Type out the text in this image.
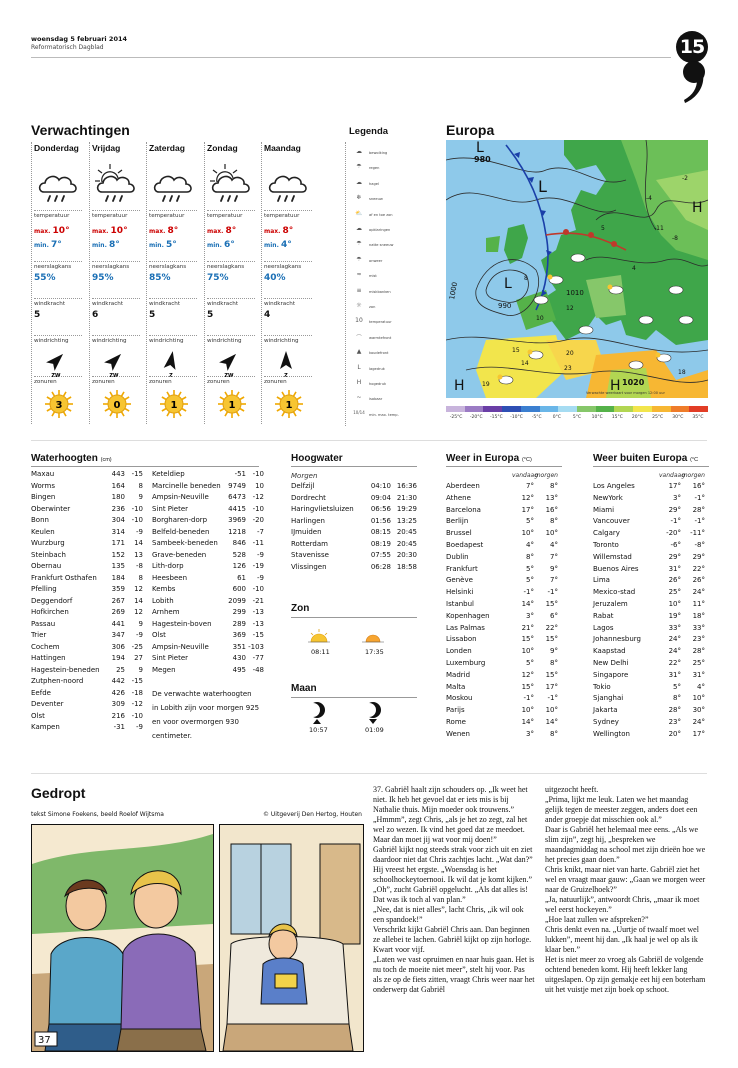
woensdag 5 februari 2014
Reformatorisch Dagblad	15
Verwachtingen
Donderdag
temperatuur
max. 10°
min. 7°
neerslagkans
55%
windkracht
5
windrichting
ZW
zonuren
3
Vrijdag
temperatuur
max. 10°
min. 8°
neerslagkans
95%
windkracht
6
windrichting
ZW
zonuren
0
Zaterdag
temperatuur
max. 8°
min. 5°
neerslagkans
85%
windkracht
5
windrichting
Z
zonuren
1
Zondag
temperatuur
max. 8°
min. 6°
neerslagkans
75%
windkracht
5
windrichting
ZW
zonuren
1
Maandag
temperatuur
max. 8°
min. 4°
neerslagkans
40%
windkracht
4
windrichting
Z
zonuren
1
Legenda
☁	bewolking
☂	regen
☁	hagel
❄	sneeuw
⛅	af en toe zon
☁	opklaringen
☂	natte sneeuw
☂	onweer
≈	mist
≡	miskbanken
☼	zon
10	temperatuur
⌒	warmtefront
▲	koudefront
L	lagedruk
H	hogedruk
~	isobaar
10/14	min. max. temp.
Europa
980
1000
990
1010
1020
L
L
L
H
H	H
-2
-4
-8
5
10
14
12
8
20
23
19
18
15
-11
4
Verwachte weerkaart voor morgen 12:00 uur
-25°C	-20°C	-15°C	-10°C	-5°C	0°C	5°C	10°C	15°C	20°C	25°C	30°C	35°C
Waterhoogten (cm)
Maxau	443 -15
Worms	164	8
Bingen	180	9
Oberwinter	236 -10
Bonn	304 -10
Keulen	314	-9
Wurzburg	171	14
Steinbach	152	13
Obernau	135	-8
Frankfurt Osthafen	184	8
Pfelling	359	12
Deggendorf	267	14
Hofkirchen	269	12
Passau	441	9
Trier	347	-9
Cochem	306 -25
Hattingen	194	27
Hagestein-beneden	25	9
Zutphen-noord	442 -15
Eefde	426 -18
Deventer	309 -12
Olst	216 -10
Kampen	-31	-9
Keteldiep	-51 -10
Marcinelle beneden	9749	10
Ampsin-Neuville	6473 -12
Sint Pieter	4415 -10
Borgharen-dorp	3969 -20
Belfeld-beneden	1218	-7
Sambeek-beneden	846 -11
Grave-beneden	528	-9
Lith-dorp	126 -19
Heesbeen	61	-9
Kembs	600 -10
Lobith	2099 -21
Arnhem	299 -13
Hagestein-boven	289 -13
Olst	369 -15
Ampsin-Neuville	351 -103
Sint Pieter	430 -77
Megen	495 -48
De verwachte waterhoogten in Lobith zijn voor morgen 925 en voor overmorgen 930 centimeter.
Hoogwater
Morgen
Delfzijl	04:10 16:36
Dordrecht	09:04 21:30
Haringvlietsluizen	06:56 19:29
Harlingen	01:56 13:25
IJmuiden	08:15 20:45
Rotterdam	08:19 20:45
Stavenisse	07:55 20:30
Vlissingen	06:28 18:58
Zon
08:11	17:35
Maan
10:57	01:09
Weer in Europa (°C)
vandaag
morgen
Aberdeen	7°	8°
Athene	12°	13°
Barcelona	17°	16°
Berlijn	5°	8°
Brussel	10°	10°
Boedapest	4°	4°
Dublin	8°	7°
Frankfurt	5°	9°
Genève	5°	7°
Helsinki	-1°	-1°
Istanbul	14°	15°
Kopenhagen	3°	6°
Las Palmas	21°	22°
Lissabon	15°	15°
Londen	10°	9°
Luxemburg	5°	8°
Madrid	12°	15°
Malta	15°	17°
Moskou	-1°	-1°
Parijs	10°	10°
Rome	14°	14°
Wenen	3°	8°
Weer buiten Europa (°C
vandaag
morgen
Los Angeles	17°	16°
NewYork	3°	-1°
Miami	29°	28°
Vancouver	-1°	-1°
Calgary	-20°	-11°
Toronto	-6°	-8°
Willemstad	29°	29°
Buenos Aires	31°	22°
Lima	26°	26°
Mexico-stad	25°	24°
Jeruzalem	10°	11°
Rabat	19°	18°
Lagos	33°	33°
Johannesburg	24°	23°
Kaapstad	24°	28°
New Delhi	22°	25°
Singapore	31°	31°
Tokio	5°	4°
Sjanghai	8°	10°
Jakarta	28°	30°
Sydney	23°	24°
Wellington	20°	17°
Gedropt
tekst Simone Foekens, beeld Roelof Wijtsma	© Uitgeverij Den Hertog, Houten
37

37. Gabriël haalt zijn schouders op. „Ik weet het niet. Ik heb het gevoel dat er iets mis is bij Nathalie thuis. Mijn moeder ook trouwens.”

„Hmmm”, zegt Chris, „als je het zo zegt, zal het wel zo wezen. Ik vind het goed dat ze meedoet. Maar dan moet jij wat voor mij doen!”

Gabriël kijkt nog steeds strak voor zich uit en ziet daardoor niet dat Chris zachtjes lacht. „Wat dan?” Hij vreest het ergste. „Woensdag is het schoolhockeytoernooi. Ik wil dat je komt kijken.”

„Oh”, zucht Gabriël opgelucht. „Als dat alles is! Dat was ik toch al van plan.”

„Nee, dat is niet alles”, lacht Chris, „ik wil ook een spandoek!”

Verschrikt kijkt Gabriël Chris aan. Dan beginnen ze allebei te lachen. Gabriël kijkt op zijn horloge. Kwart voor vijf.

„Laten we vast opruimen en naar huis gaan. Het is nu toch de moeite niet meer”, stelt hij voor. Pas als ze op de fiets zitten, vraagt Chris weer naar het onderwerp dat Gabriël

uitgezocht heeft.

„Prima, lijkt me leuk. Laten we het maandag gelijk tegen de meester zeggen, anders doet een ander groepje dat misschien ook al.”

Daar is Gabriël het helemaal mee eens. „Als we slim zijn”, zegt hij, „bespreken we maandagmiddag na school met zijn drieën hoe we het precies gaan doen.”

Chris knikt, maar niet van harte. Gabriël ziet het wel en vraagt maar gauw: „Gaan we morgen weer naar de Gruizelhoek?”

„Ja, natuurlijk”, antwoordt Chris, „maar ik moet wel eerst hockeyen.”

„Hoe laat zullen we afspreken?”

Chris denkt even na. „Uurtje of twaalf moet wel lukken”, meent hij dan. „Ik haal je wel op als ik klaar ben.”

Het is niet meer zo vroeg als Gabriël de volgende ochtend beneden komt. Hij heeft lekker lang uitgeslapen. Op zijn gemakje eet hij een boterham uit het vuistje met zijn boek op schoot.
